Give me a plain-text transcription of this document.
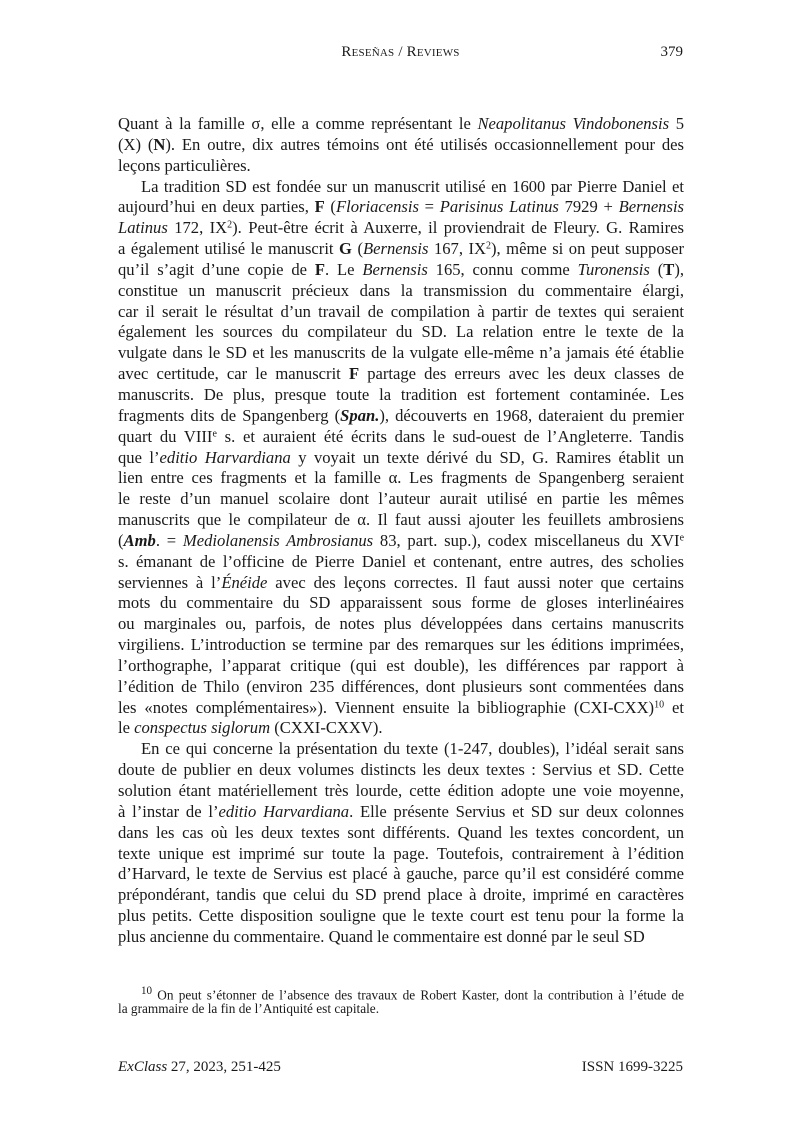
Reseñas / Reviews	379
Quant à la famille σ, elle a comme représentant le Neapolitanus Vindobonensis 5
(X) (N). En outre, dix autres témoins ont été utilisés occasionnellement pour des
leçons particulières.
La tradition SD est fondée sur un manuscrit utilisé en 1600 par Pierre Daniel et
aujourd’hui en deux parties, F (Floriacensis = Parisinus Latinus 7929 + Bernensis
Latinus 172, $IX^2$). Peut-être écrit à Auxerre, il proviendrait de Fleury. G. Ramires
a également utilisé le manuscrit G (Bernensis 167, $IX^2$), même si on peut supposer
qu’il s’agit d’une copie de F. Le Bernensis 165, connu comme Turonensis (T),
constitue un manuscrit précieux dans la transmission du commentaire élargi,
car il serait le résultat d’un travail de compilation à partir de textes qui seraient
également les sources du compilateur du SD. La relation entre le texte de la
vulgate dans le SD et les manuscrits de la vulgate elle-même n’a jamais été établie
avec certitude, car le manuscrit F partage des erreurs avec les deux classes de
manuscrits. De plus, presque toute la tradition est fortement contaminée. Les
fragments dits de Spangenberg (Span.), découverts en 1968, dateraient du premier
quart du VIIIe s. et auraient été écrits dans le sud-ouest de l’Angleterre. Tandis
que l’editio Harvardiana y voyait un texte dérivé du SD, G. Ramires établit un
lien entre ces fragments et la famille α. Les fragments de Spangenberg seraient
le reste d’un manuel scolaire dont l’auteur aurait utilisé en partie les mêmes
manuscrits que le compilateur de α. Il faut aussi ajouter les feuillets ambrosiens
(Amb. = Mediolanensis Ambrosianus 83, part. sup.), codex miscellaneus du XVIe
s. émanant de l’officine de Pierre Daniel et contenant, entre autres, des scholies
serviennes à l’Énéide avec des leçons correctes. Il faut aussi noter que certains
mots du commentaire du SD apparaissent sous forme de gloses interlinéaires
ou marginales ou, parfois, de notes plus développées dans certains manuscrits
virgiliens. L’introduction se termine par des remarques sur les éditions imprimées,
l’orthographe, l’apparat critique (qui est double), les différences par rapport à
l’édition de Thilo (environ 235 différences, dont plusieurs sont commentées dans
les «notes complémentaires»). Viennent ensuite la bibliographie $(CXI-CXX)^{10}$ et
le conspectus siglorum (CXXI-CXXV).
En ce qui concerne la présentation du texte (1-247, doubles), l’idéal serait sans
doute de publier en deux volumes distincts les deux textes : Servius et SD. Cette
solution étant matériellement très lourde, cette édition adopte une voie moyenne,
à l’instar de l’editio Harvardiana. Elle présente Servius et SD sur deux colonnes
dans les cas où les deux textes sont différents. Quand les textes concordent, un
texte unique est imprimé sur toute la page. Toutefois, contrairement à l’édition
d’Harvard, le texte de Servius est placé à gauche, parce qu’il est considéré comme
prépondérant, tandis que celui du SD prend place à droite, imprimé en caractères
plus petits. Cette disposition souligne que le texte court est tenu pour la forme la
plus ancienne du commentaire. Quand le commentaire est donné par le seul SD
$^{10}$ On peut s’étonner de l’absence des travaux de Robert Kaster, dont la contribution à l’étude de
la grammaire de la fin de l’Antiquité est capitale.
ExClass 27, 2023, 251-425	ISSN 1699-3225
